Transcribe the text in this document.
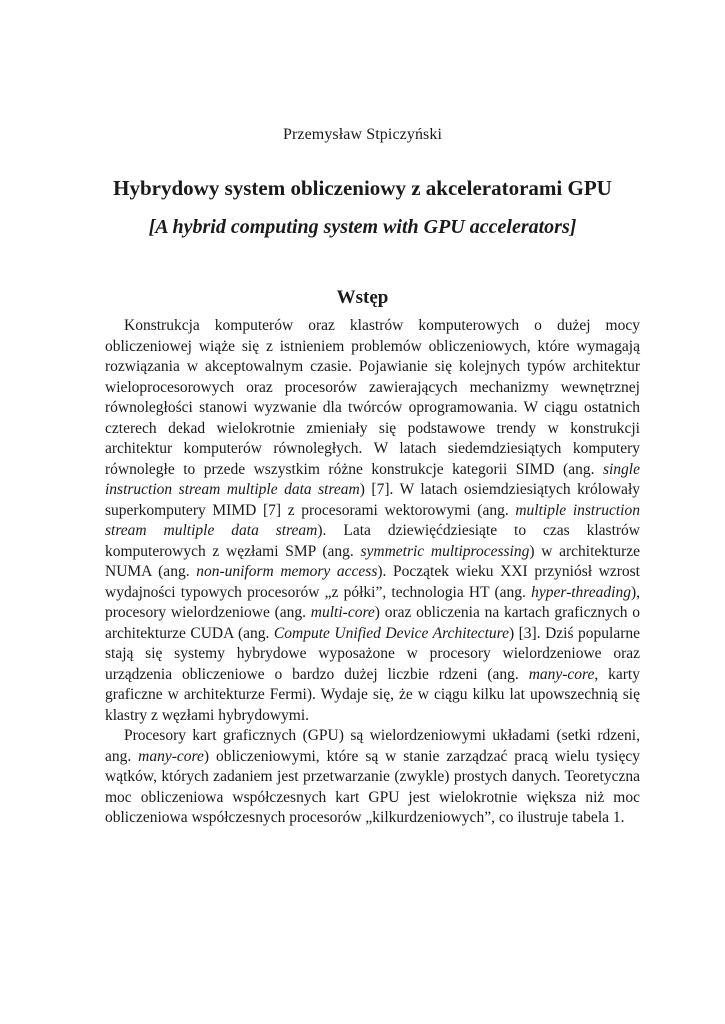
Przemysław Stpiczyński
Hybrydowy system obliczeniowy z akceleratorami GPU
[A hybrid computing system with GPU accelerators]
Wstęp

Konstrukcja komputerów oraz klastrów komputerowych o dużej mocy obliczeniowej wiąże się z istnieniem problemów obliczeniowych, które wymagają rozwiązania w akceptowalnym czasie. Pojawianie się kolejnych typów architektur wieloprocesorowych oraz procesorów zawierających mechanizmy wewnętrznej równoległości stanowi wyzwanie dla twórców oprogramowania. W ciągu ostatnich czterech dekad wielokrotnie zmieniały się podstawowe trendy w konstrukcji architektur komputerów równoległych. W latach siedemdziesiątych komputery równoległe to przede wszystkim różne konstrukcje kategorii SIMD (ang. single instruction stream multiple data stream) [7]. W latach osiemdziesiątych królowały superkomputery MIMD [7] z procesorami wektorowymi (ang. multiple instruction stream multiple data stream). Lata dziewięćdziesiąte to czas klastrów komputerowych z węzłami SMP (ang. symmetric multiprocessing) w architekturze NUMA (ang. non-uniform memory access). Początek wieku XXI przyniósł wzrost wydajności typowych procesorów „z półki”, technologia HT (ang. hyper-threading), procesory wielordzeniowe (ang. multi-core) oraz obliczenia na kartach graficznych o architekturze CUDA (ang. Compute Unified Device Architecture) [3]. Dziś popularne stają się systemy hybrydowe wyposażone w procesory wielordzeniowe oraz urządzenia obliczeniowe o bardzo dużej liczbie rdzeni (ang. many-core, karty graficzne w architekturze Fermi). Wydaje się, że w ciągu kilku lat upowszechnią się klastry z węzłami hybrydowymi.

Procesory kart graficznych (GPU) są wielordzeniowymi układami (setki rdzeni, ang. many-core) obliczeniowymi, które są w stanie zarządzać pracą wielu tysięcy wątków, których zadaniem jest przetwarzanie (zwykle) prostych danych. Teoretyczna moc obliczeniowa współczesnych kart GPU jest wielokrotnie większa niż moc obliczeniowa współczesnych procesorów „kilkurdzeniowych”, co ilustruje tabela 1.
